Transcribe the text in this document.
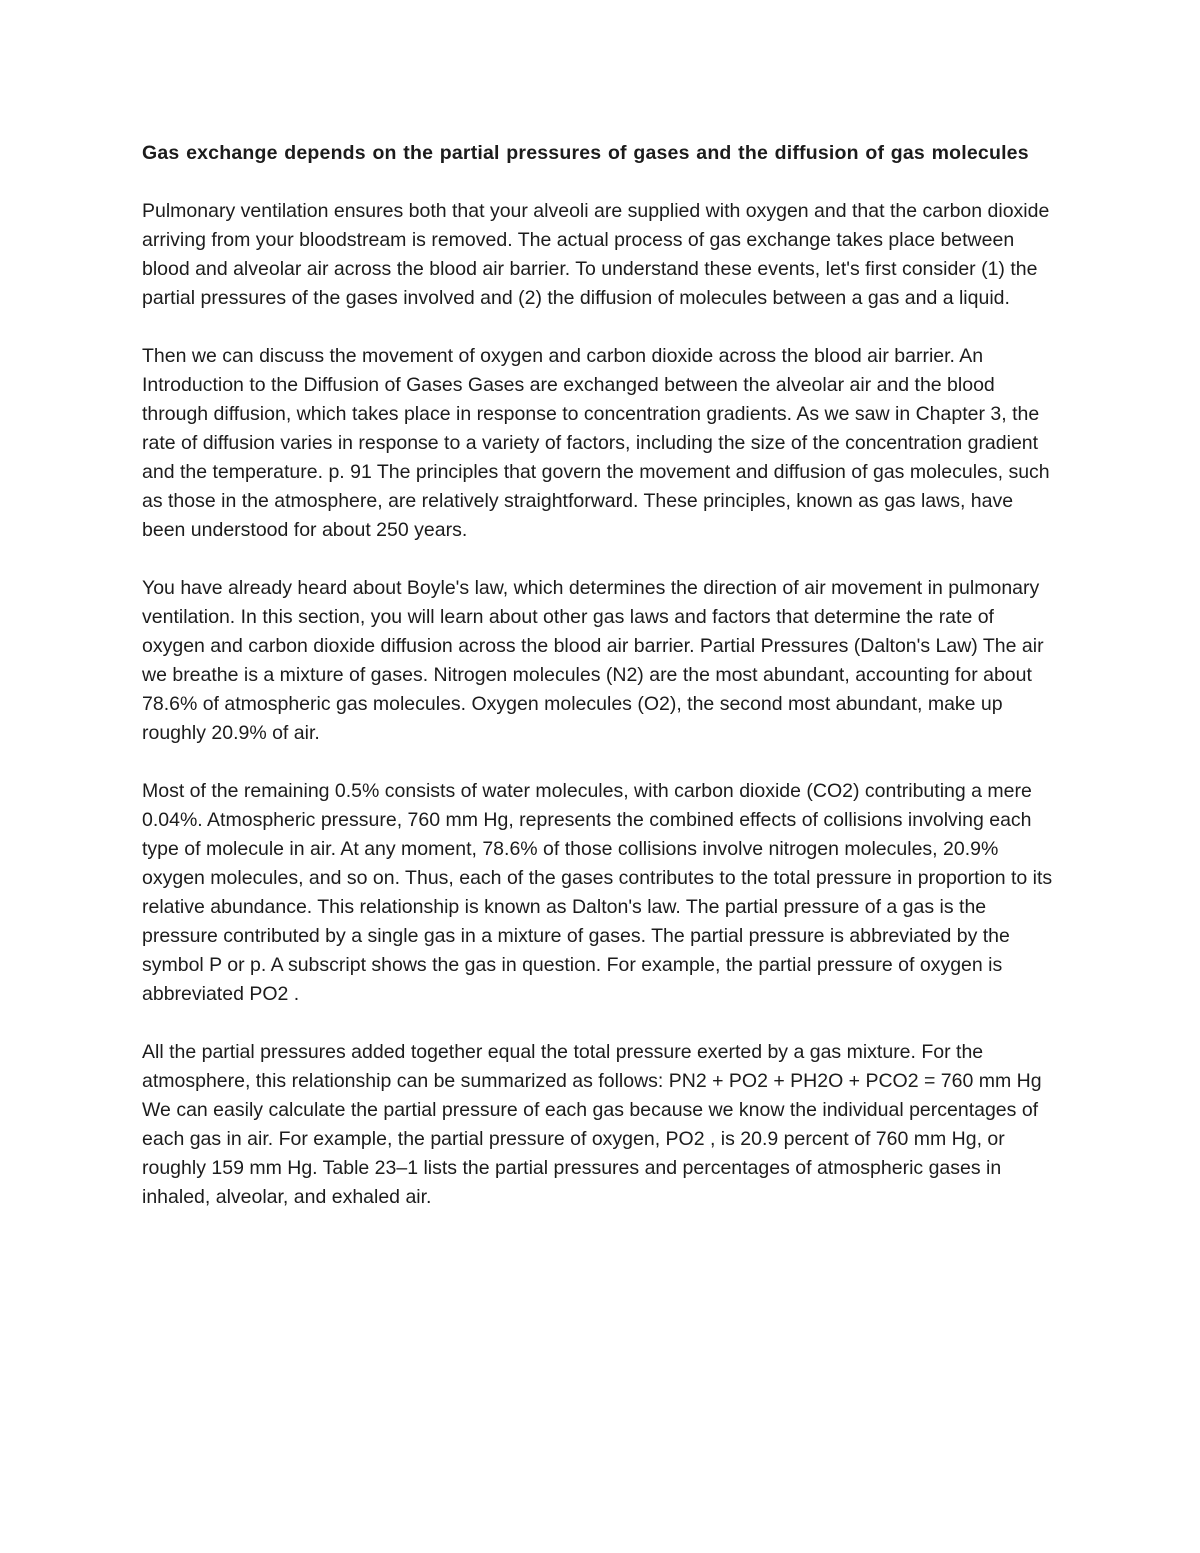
Gas exchange depends on the partial pressures of gases and the diffusion of gas molecules

Pulmonary ventilation ensures both that your alveoli are supplied with oxygen and that the carbon dioxide arriving from your bloodstream is removed. The actual process of gas exchange takes place between blood and alveolar air across the blood air barrier. To understand these events, let's first consider (1) the partial pressures of the gases involved and (2) the diffusion of molecules between a gas and a liquid.

Then we can discuss the movement of oxygen and carbon dioxide across the blood air barrier. An Introduction to the Diffusion of Gases Gases are exchanged between the alveolar air and the blood through diffusion, which takes place in response to concentration gradients. As we saw in Chapter 3, the rate of diffusion varies in response to a variety of factors, including the size of the concentration gradient and the temperature. p. 91 The principles that govern the movement and diffusion of gas molecules, such as those in the atmosphere, are relatively straightforward. These principles, known as gas laws, have been understood for about 250 years.

You have already heard about Boyle's law, which determines the direction of air movement in pulmonary ventilation. In this section, you will learn about other gas laws and factors that determine the rate of oxygen and carbon dioxide diffusion across the blood air barrier. Partial Pressures (Dalton's Law) The air we breathe is a mixture of gases. Nitrogen molecules (N2) are the most abundant, accounting for about 78.6% of atmospheric gas molecules. Oxygen molecules (O2), the second most abundant, make up roughly 20.9% of air.

Most of the remaining 0.5% consists of water molecules, with carbon dioxide (CO2) contributing a mere 0.04%. Atmospheric pressure, 760 mm Hg, represents the combined effects of collisions involving each type of molecule in air. At any moment, 78.6% of those collisions involve nitrogen molecules, 20.9% oxygen molecules, and so on. Thus, each of the gases contributes to the total pressure in proportion to its relative abundance. This relationship is known as Dalton's law. The partial pressure of a gas is the pressure contributed by a single gas in a mixture of gases. The partial pressure is abbreviated by the symbol P or p. A subscript shows the gas in question. For example, the partial pressure of oxygen is abbreviated PO2 .

All the partial pressures added together equal the total pressure exerted by a gas mixture. For the atmosphere, this relationship can be summarized as follows: PN2 + PO2 + PH2O + PCO2 = 760 mm Hg We can easily calculate the partial pressure of each gas because we know the individual percentages of each gas in air. For example, the partial pressure of oxygen, PO2 , is 20.9 percent of 760 mm Hg, or roughly 159 mm Hg. Table 23–1 lists the partial pressures and percentages of atmospheric gases in inhaled, alveolar, and exhaled air.
